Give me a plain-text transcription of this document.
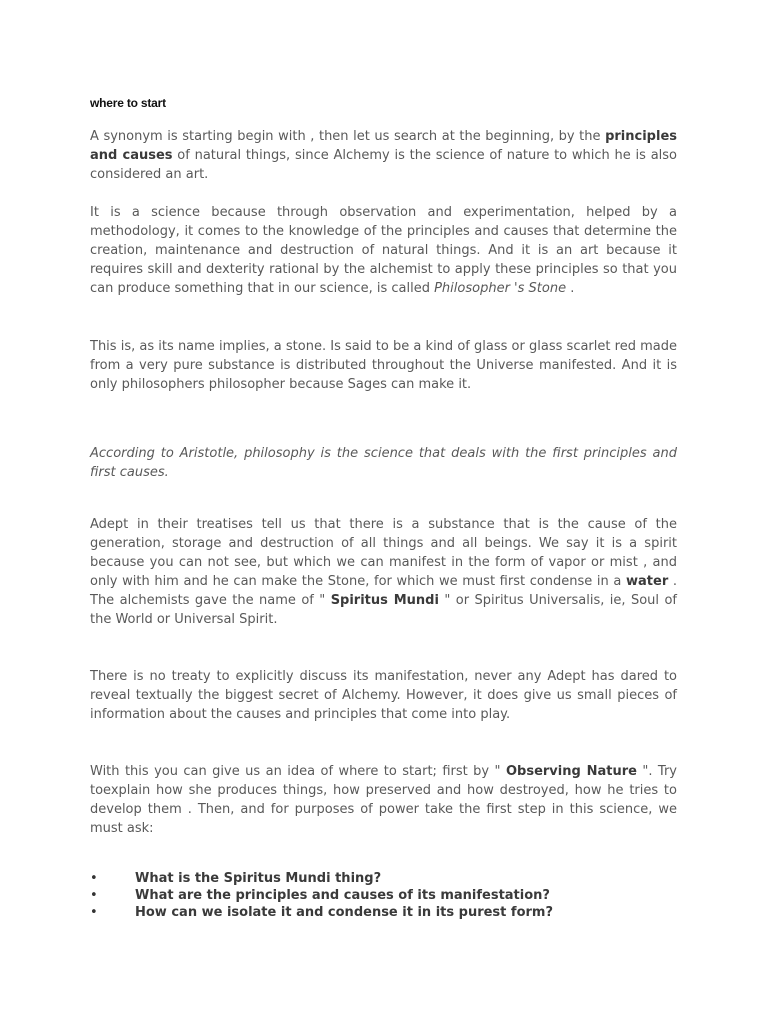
where to start

A synonym is starting begin with , then let us search at the beginning, by the principles and causes of natural things, since Alchemy is the science of nature to which he is also considered an art.

It is a science because through observation and experimentation, helped by a methodology, it comes to the knowledge of the principles and causes that determine the creation, maintenance and destruction of natural things. And it is an art because it requires skill and dexterity rational by the alchemist to apply these principles so that you can produce something that in our science, is called Philosopher 's Stone .

This is, as its name implies, a stone. Is said to be a kind of glass or glass scarlet red made from a very pure substance is distributed throughout the Universe manifested. And it is only philosophers philosopher because Sages can make it.

According to Aristotle, philosophy is the science that deals with the first principles and first causes.

Adept in their treatises tell us that there is a substance that is the cause of the generation, storage and destruction of all things and all beings. We say it is a spirit because you can not see, but which we can manifest in the form of vapor or mist , and only with him and he can make the Stone, for which we must first condense in a water . The alchemists gave the name of " Spiritus Mundi " or Spiritus Universalis, ie, Soul of the World or Universal Spirit.

There is no treaty to explicitly discuss its manifestation, never any Adept has dared to reveal textually the biggest secret of Alchemy. However, it does give us small pieces of information about the causes and principles that come into play.

With this you can give us an idea of where to start; first by " Observing Nature ". Try toexplain how she produces things, how preserved and how destroyed, how he tries to develop them . Then, and for purposes of power take the first step in this science, we must ask:

•	What is the Spiritus Mundi thing?
•	What are the principles and causes of its manifestation?
•	How can we isolate it and condense it in its purest form?
